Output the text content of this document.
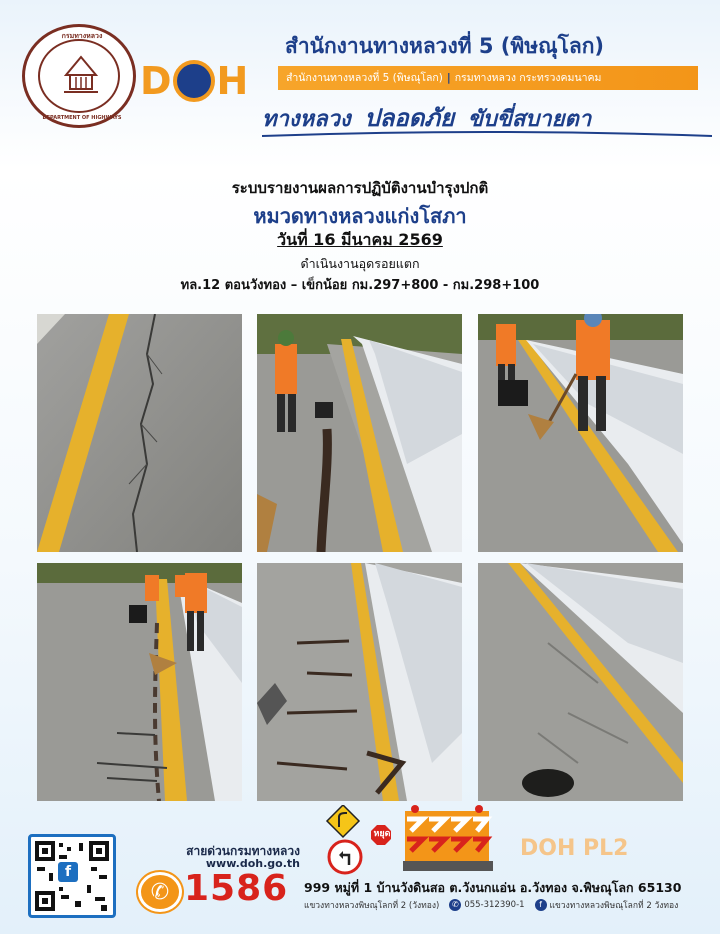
กรมทางหลวง
DEPARTMENT OF HIGHWAYS
D H
สำนักงานทางหลวงที่ 5 (พิษณุโลก)
สำนักงานทางหลวงที่ 5 (พิษณุโลก) | กรมทางหลวง กระทรวงคมนาคม
ทางหลวง ปลอดภัย ขับขี่สบายตา
ระบบรายงานผลการปฏิบัติงานบำรุงปกติ
หมวดทางหลวงแก่งโสภา
วันที่ 16 มีนาคม 2569
ดำเนินงานอุดรอยแตก
ทล.12 ตอนวังทอง – เข็กน้อย กม.297+800 - กม.298+100
f
สายด่วนกรมทางหลวง
www.doh.go.th
✆ 1586
หยุด
DOH PL2
999 หมู่ที่ 1 บ้านวังดินสอ ต.วังนกแอ่น อ.วังทอง จ.พิษณุโลก 65130
แขวงทางหลวงพิษณุโลกที่ 2 (วังทอง)	✆ 055-312390-1	f แขวงทางหลวงพิษณุโลกที่ 2 วังทอง
